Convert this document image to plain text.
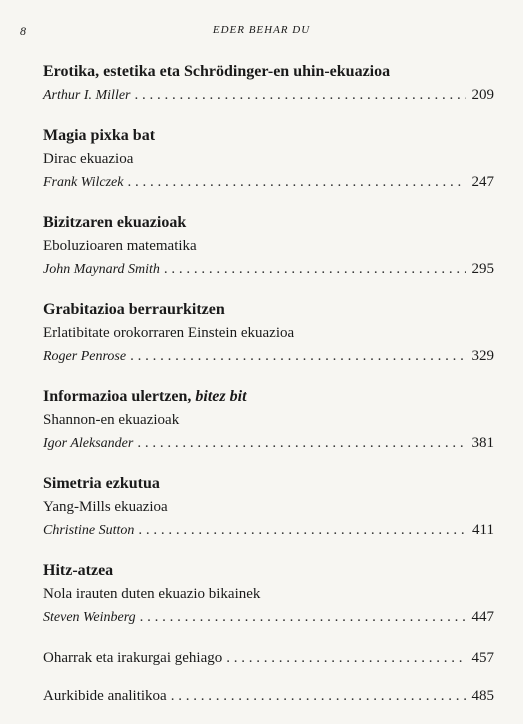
8	EDER BEHAR DU
Erotika, estetika eta Schrödinger-en uhin-ekuazioa
Arthur I. Miller . . .	209
Magia pixka bat
Dirac ekuazioa
Frank Wilczek . . .	247
Bizitzaren ekuazioak
Eboluzioaren matematika
John Maynard Smith . . .	295
Grabitazioa berraurkitzen
Erlatibitate orokorraren Einstein ekuazioa
Roger Penrose . . .	329
Informazioa ulertzen, bitez bit
Shannon-en ekuazioak
Igor Aleksander . . .	381
Simetria ezkutua
Yang-Mills ekuazioa
Christine Sutton . . .	411
Hitz-atzea
Nola irauten duten ekuazio bikainek
Steven Weinberg . . .	447
Oharrak eta irakurgai gehiago . . .	457
Aurkibide analitikoa . . .	485
